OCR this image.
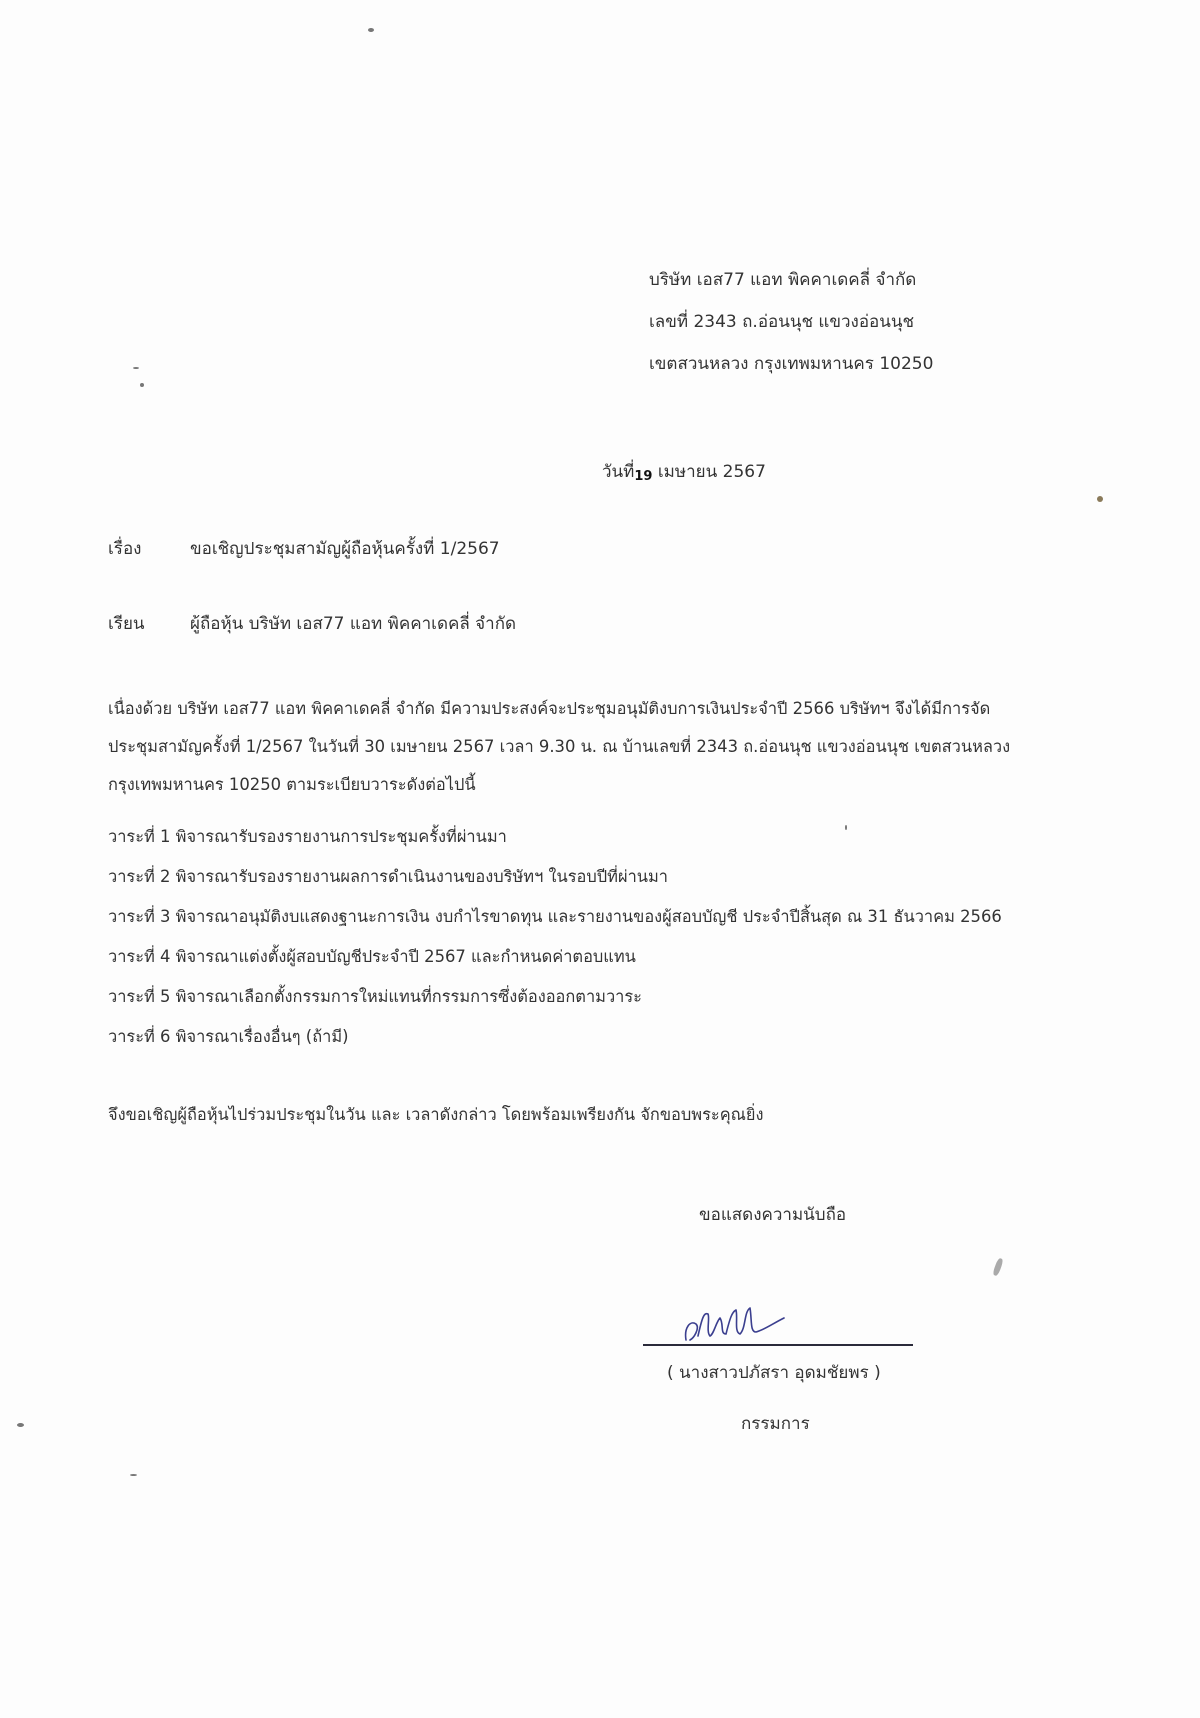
บริษัท เอส77 แอท พิคคาเดคลี่ จำกัด
เลขที่ 2343 ถ.อ่อนนุช แขวงอ่อนนุช
เขตสวนหลวง กรุงเทพมหานคร 10250
วันที่19 เมษายน 2567
เรื่อง	ขอเชิญประชุมสามัญผู้ถือหุ้นครั้งที่ 1/2567
เรียน	ผู้ถือหุ้น บริษัท เอส77 แอท พิคคาเดคลี่ จำกัด
เนื่องด้วย บริษัท เอส77 แอท พิคคาเดคลี่ จำกัด มีความประสงค์จะประชุมอนุมัติงบการเงินประจำปี 2566 บริษัทฯ จึงได้มีการจัด
ประชุมสามัญครั้งที่ 1/2567 ในวันที่ 30 เมษายน 2567 เวลา 9.30 น. ณ บ้านเลขที่ 2343 ถ.อ่อนนุช แขวงอ่อนนุช เขตสวนหลวง
กรุงเทพมหานคร 10250 ตามระเบียบวาระดังต่อไปนี้
วาระที่ 1 พิจารณารับรองรายงานการประชุมครั้งที่ผ่านมา
วาระที่ 2 พิจารณารับรองรายงานผลการดำเนินงานของบริษัทฯ ในรอบปีที่ผ่านมา
วาระที่ 3 พิจารณาอนุมัติงบแสดงฐานะการเงิน งบกำไรขาดทุน และรายงานของผู้สอบบัญชี ประจำปีสิ้นสุด ณ 31 ธันวาคม 2566
วาระที่ 4 พิจารณาแต่งตั้งผู้สอบบัญชีประจำปี 2567 และกำหนดค่าตอบแทน
วาระที่ 5 พิจารณาเลือกตั้งกรรมการใหม่แทนที่กรรมการซึ่งต้องออกตามวาระ
วาระที่ 6 พิจารณาเรื่องอื่นๆ (ถ้ามี)
จึงขอเชิญผู้ถือหุ้นไปร่วมประชุมในวัน และ เวลาดังกล่าว โดยพร้อมเพรียงกัน จักขอบพระคุณยิ่ง
ขอแสดงความนับถือ
( นางสาวปภัสรา อุดมชัยพร )
กรรมการ
